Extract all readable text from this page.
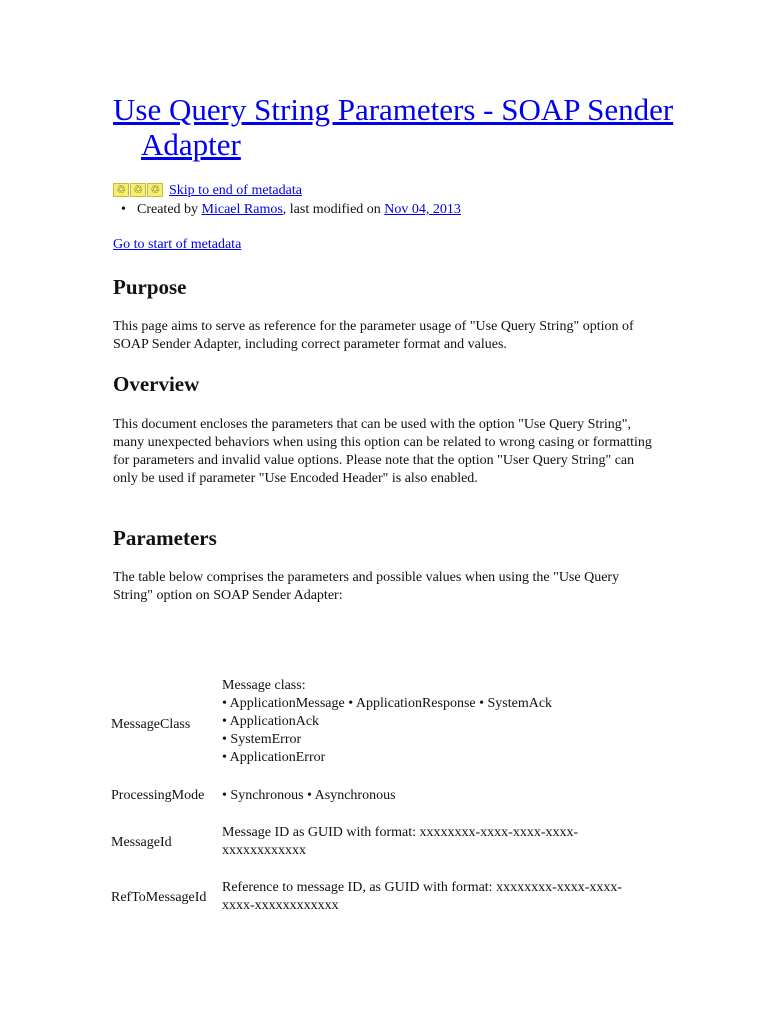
Use Query String Parameters - SOAP Sender Adapter
♲ ♲ ♲ Skip to end of metadata
• Created by Micael Ramos, last modified on Nov 04, 2013
Go to start of metadata
Purpose

This page aims to serve as reference for the parameter usage of "Use Query String" option of SOAP Sender Adapter, including correct parameter format and values.

Overview

This document encloses the parameters that can be used with the option "Use Query String", many unexpected behaviors when using this option can be related to wrong casing or formatting for parameters and invalid value options. Please note that the option "User Query String" can only be used if parameter "Use Encoded Header" is also enabled.

Parameters

The table below comprises the parameters and possible values when using the "Use Query String" option on SOAP Sender Adapter:

MessageClass
Message class:
• ApplicationMessage • ApplicationResponse • SystemAck
• ApplicationAck
• SystemError
• ApplicationError
ProcessingMode • Synchronous • Asynchronous
MessageId
Message ID as GUID with format: xxxxxxxx-xxxx-xxxx-xxxx-
xxxxxxxxxxxx
RefToMessageId
Reference to message ID, as GUID with format: xxxxxxxx-xxxx-xxxx-
xxxx-xxxxxxxxxxxx
